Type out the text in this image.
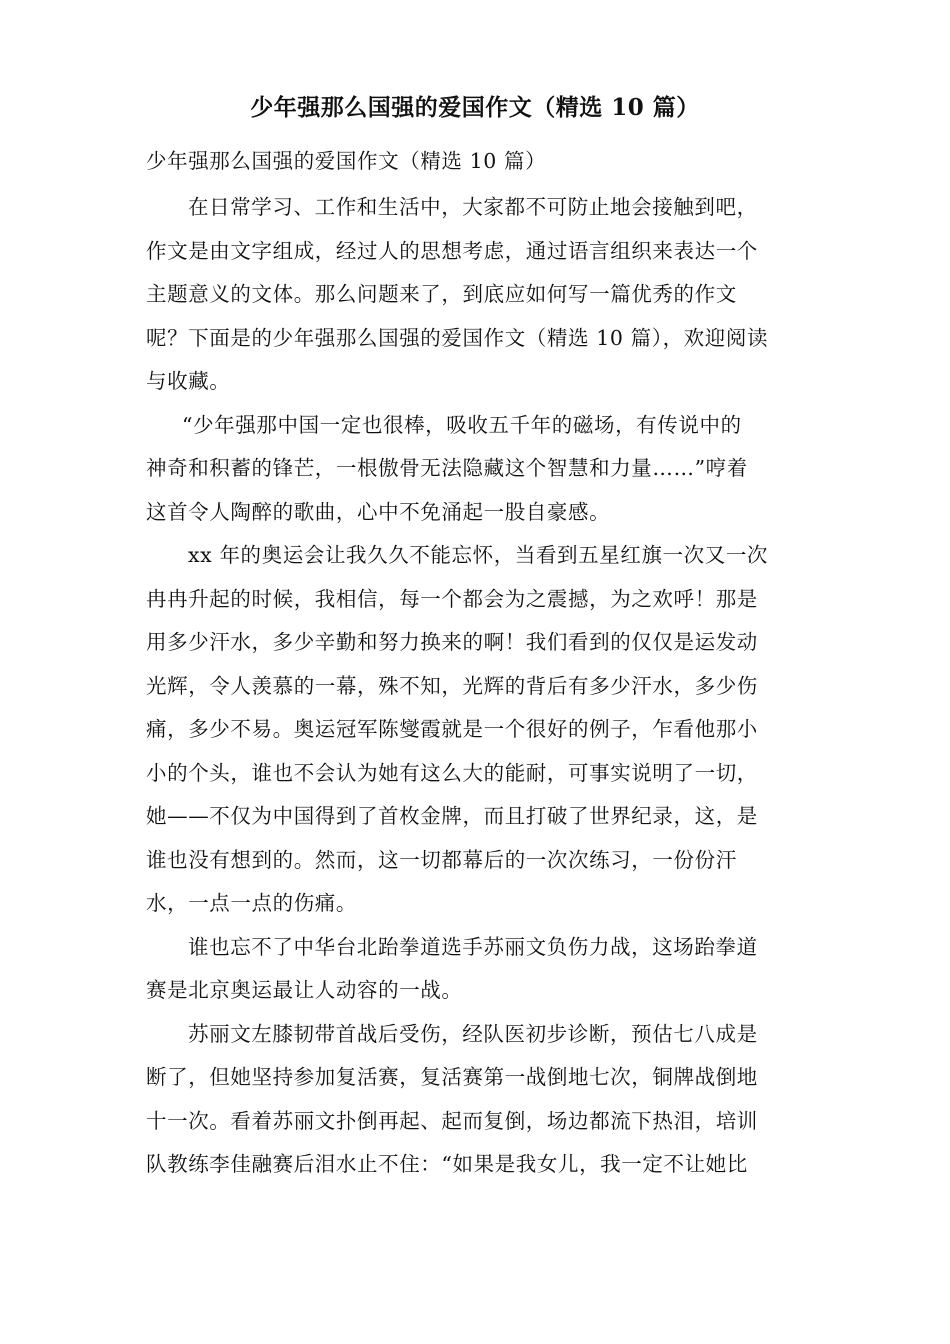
少年强那么国强的爱国作文（精选 10 篇）
少年强那么国强的爱国作文（精选 10 篇）
在日常学习、工作和生活中，大家都不可防止地会接触到吧，
作文是由文字组成，经过人的思想考虑，通过语言组织来表达一个
主题意义的文体。那么问题来了，到底应如何写一篇优秀的作文
呢？下面是的少年强那么国强的爱国作文（精选 10 篇），欢迎阅读
与收藏。
“少年强那中国一定也很棒，吸收五千年的磁场，有传说中的
神奇和积蓄的锋芒，一根傲骨无法隐藏这个智慧和力量……”哼着
这首令人陶醉的歌曲，心中不免涌起一股自豪感。
xx 年的奥运会让我久久不能忘怀，当看到五星红旗一次又一次
冉冉升起的时候，我相信，每一个都会为之震撼，为之欢呼！那是
用多少汗水，多少辛勤和努力换来的啊！我们看到的仅仅是运发动
光辉，令人羡慕的一幕，殊不知，光辉的背后有多少汗水，多少伤
痛，多少不易。奥运冠军陈燮霞就是一个很好的例子，乍看他那小
小的个头，谁也不会认为她有这么大的能耐，可事实说明了一切，
她——不仅为中国得到了首枚金牌，而且打破了世界纪录，这，是
谁也没有想到的。然而，这一切都幕后的一次次练习，一份份汗
水，一点一点的伤痛。
谁也忘不了中华台北跆拳道选手苏丽文负伤力战，这场跆拳道
赛是北京奥运最让人动容的一战。
苏丽文左膝韧带首战后受伤，经队医初步诊断，预估七八成是
断了，但她坚持参加复活赛，复活赛第一战倒地七次，铜牌战倒地
十一次。看着苏丽文扑倒再起、起而复倒，场边都流下热泪，培训
队教练李佳融赛后泪水止不住：“如果是我女儿，我一定不让她比
